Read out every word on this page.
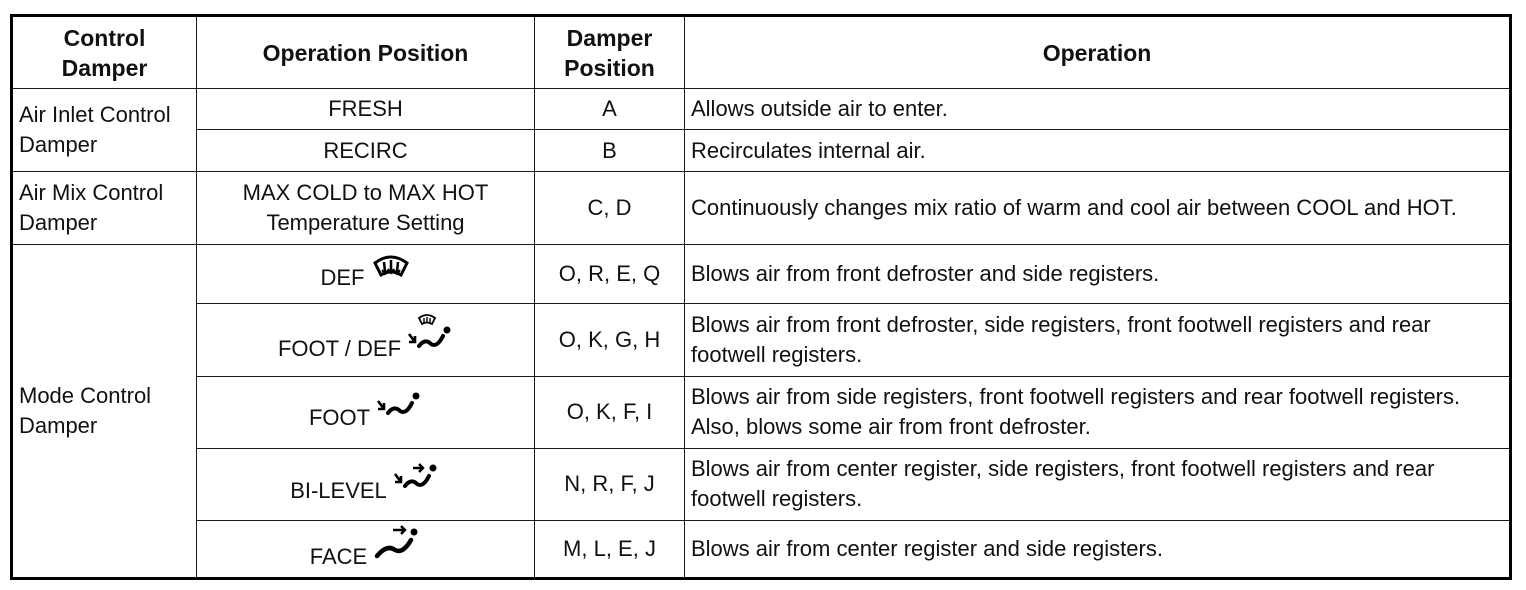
Control Damper	Operation Position	Damper Position	Operation
Air Inlet Control Damper	FRESH	A	Allows outside air to enter.
	RECIRC	B	Recirculates internal air.
Air Mix Control Damper	MAX COLD to MAX HOT Temperature Setting	C, D	Continuously changes mix ratio of warm and cool air between COOL and HOT.
Mode Control Damper	DEF	O, R, E, Q	Blows air from front defroster and side registers.

	FOOT / DEF	O, K, G, H	Blows air from front defroster, side registers, front footwell registers and rear footwell registers.

	FOOT	O, K, F, I	Blows air from side registers, front footwell registers and rear footwell registers. Also, blows some air from front defroster.

	BI-LEVEL	N, R, F, J	Blows air from center register, side registers, front footwell registers and rear footwell registers.

	FACE	M, L, E, J	Blows air from center register and side registers.
